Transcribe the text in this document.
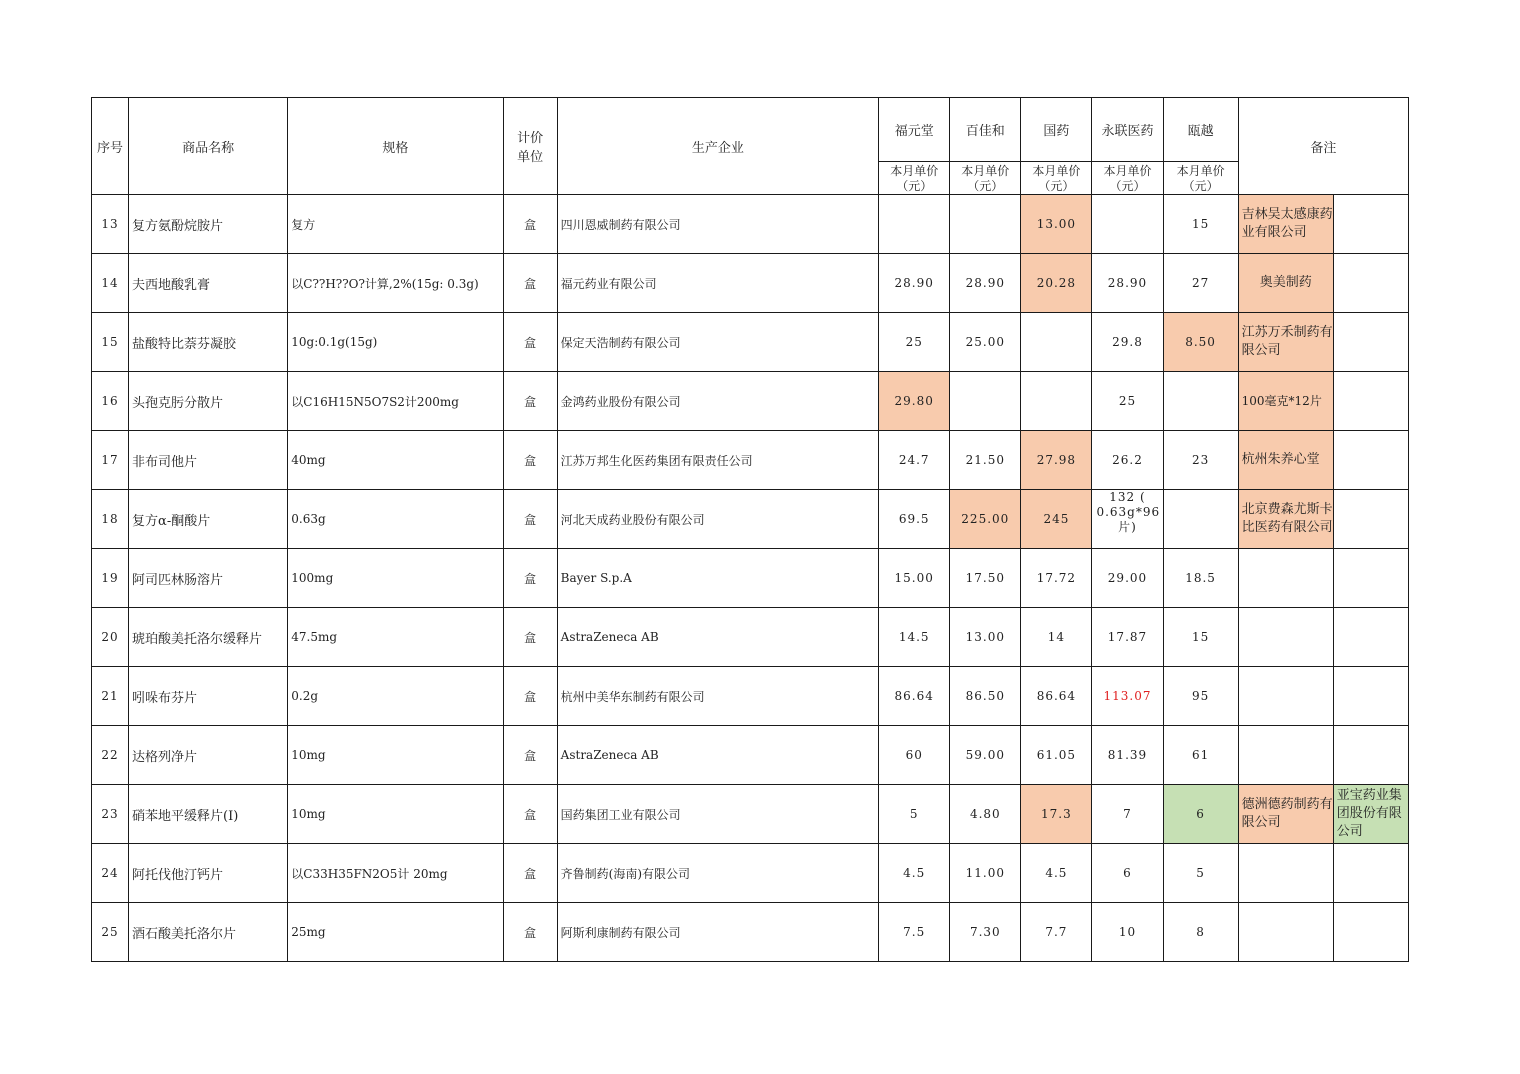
序号	商品名称	规格	计价单位	生产企业	福元堂	百佳和	国药	永联医药	瓯越	备注	
					本月单价（元）	本月单价（元）	本月单价（元）	本月单价（元）	本月单价（元）		
13	复方氨酚烷胺片	复方	盒	四川恩威制药有限公司			13.00		15	吉林吴太感康药业有限公司	
14	夫西地酸乳膏	以C??H??O?计算,2%(15g: 0.3g)	盒	福元药业有限公司	28.90	28.90	20.28	28.90	27	奥美制药	
15	盐酸特比萘芬凝胶	10g:0.1g(15g)	盒	保定天浩制药有限公司	25	25.00		29.8	8.50	江苏万禾制药有限公司	
16	头孢克肟分散片	以C16H15N5O7S2计200mg	盒	金鸿药业股份有限公司	29.80			25		100毫克*12片	
17	非布司他片	40mg	盒	江苏万邦生化医药集团有限责任公司	24.7	21.50	27.98	26.2	23	杭州朱养心堂	
18	复方α-酮酸片	0.63g	盒	河北天成药业股份有限公司	69.5	225.00	245	132 ( 0.63g*96 片)		北京费森尤斯卡比医药有限公司	
19	阿司匹林肠溶片	100mg	盒	Bayer S.p.A	15.00	17.50	17.72	29.00	18.5		
20	琥珀酸美托洛尔缓释片	47.5mg	盒	AstraZeneca AB	14.5	13.00	14	17.87	15		
21	吲哚布芬片	0.2g	盒	杭州中美华东制药有限公司	86.64	86.50	86.64	113.07	95		
22	达格列净片	10mg	盒	AstraZeneca AB	60	59.00	61.05	81.39	61		
23	硝苯地平缓释片(Ⅰ)	10mg	盒	国药集团工业有限公司	5	4.80	17.3	7	6	德洲德药制药有限公司	亚宝药业集团股份有限公司
24	阿托伐他汀钙片	以C33H35FN2O5计 20mg	盒	齐鲁制药(海南)有限公司	4.5	11.00	4.5	6	5		
25	酒石酸美托洛尔片	25mg	盒	阿斯利康制药有限公司	7.5	7.30	7.7	10	8		
